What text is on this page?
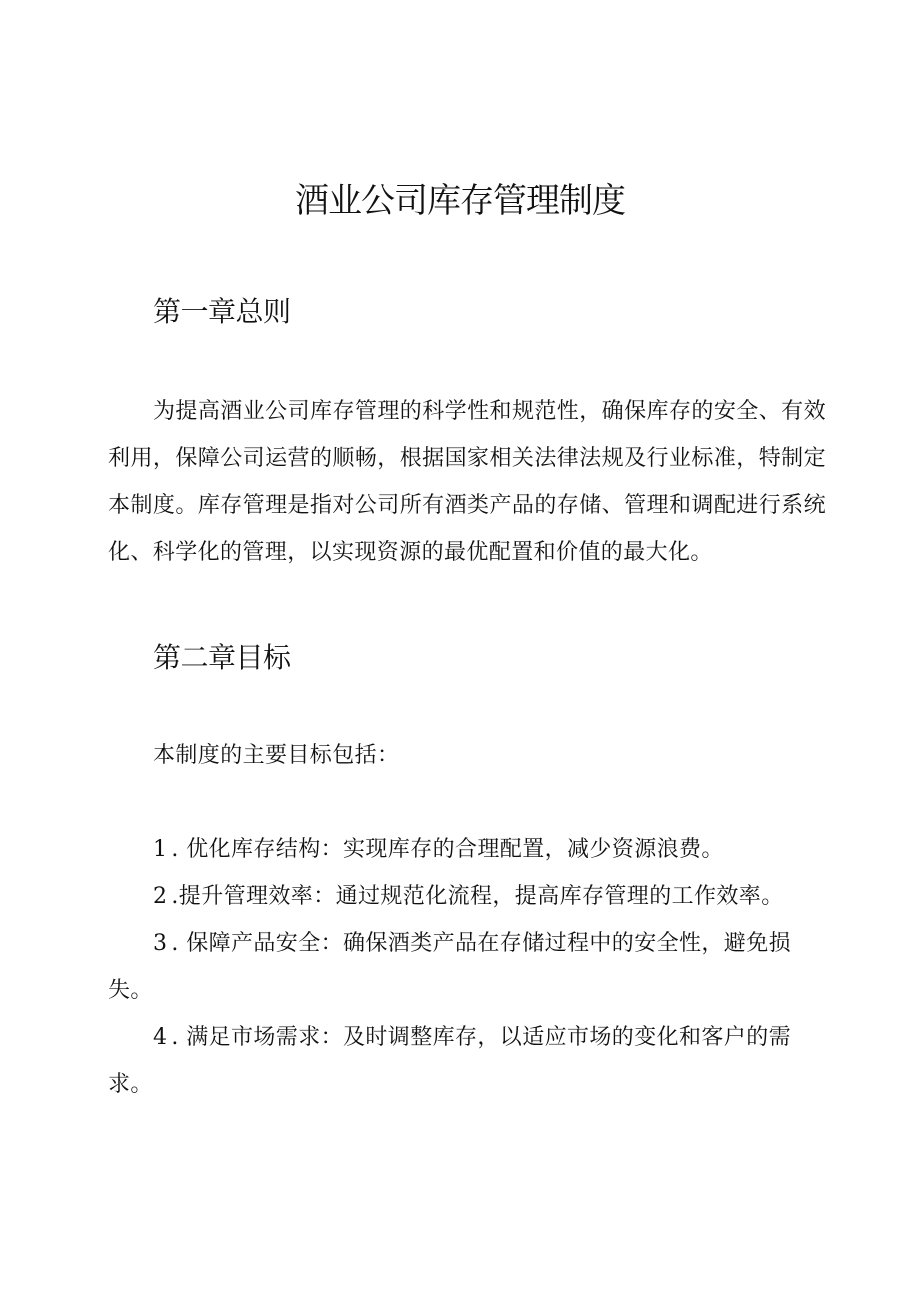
酒业公司库存管理制度
第一章总则

为提高酒业公司库存管理的科学性和规范性，确保库存的安全、有效利用，保障公司运营的顺畅，根据国家相关法律法规及行业标准，特制定本制度。库存管理是指对公司所有酒类产品的存储、管理和调配进行系统化、科学化的管理，以实现资源的最优配置和价值的最大化。

第二章目标

本制度的主要目标包括：

1 . 优化库存结构：实现库存的合理配置，减少资源浪费。
2 .提升管理效率：通过规范化流程，提高库存管理的工作效率。
3 . 保障产品安全：确保酒类产品在存储过程中的安全性，避免损失。
4 . 满足市场需求：及时调整库存，以适应市场的变化和客户的需求。
